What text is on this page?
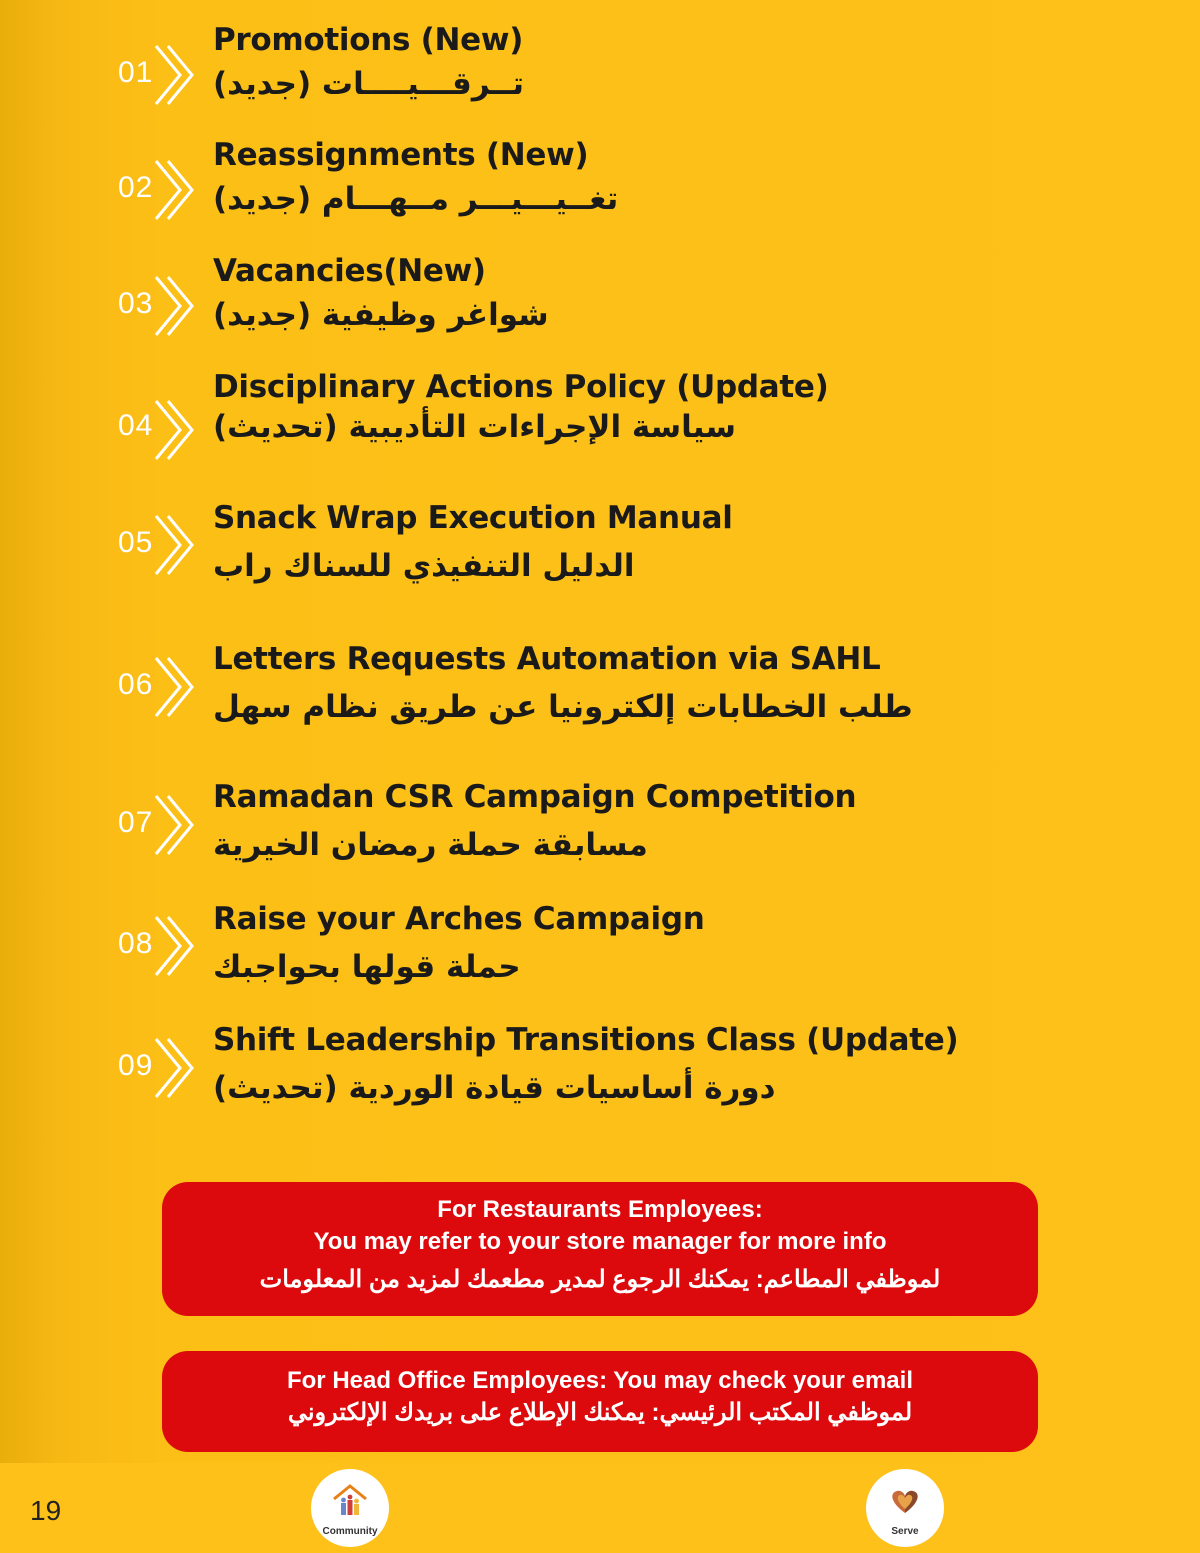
01
Promotions (New)
تــرقـــيــــات (جديد)
02
Reassignments (New)
تغــيـــيـــر مــهـــام (جديد)
03
Vacancies(New)
شواغر وظيفية (جديد)
04
Disciplinary Actions Policy (Update)
سياسة الإجراءات التأديبية (تحديث)
05
Snack Wrap Execution Manual
الدليل التنفيذي للسناك راب
06
Letters Requests Automation via SAHL
طلب الخطابات إلكترونيا عن طريق نظام سهل
07
Ramadan CSR Campaign Competition
مسابقة حملة رمضان الخيرية
08
Raise your Arches Campaign
حملة قولها بحواجبك
09
Shift Leadership Transitions Class (Update)
دورة أساسيات قيادة الوردية (تحديث)
For Restaurants Employees:
You may refer to your store manager for more info
لموظفي المطاعم: يمكنك الرجوع لمدير مطعمك لمزيد من المعلومات
For Head Office Employees: You may check your email
لموظفي المكتب الرئيسي: يمكنك الإطلاع على بريدك الإلكتروني
19
Community	Serve
